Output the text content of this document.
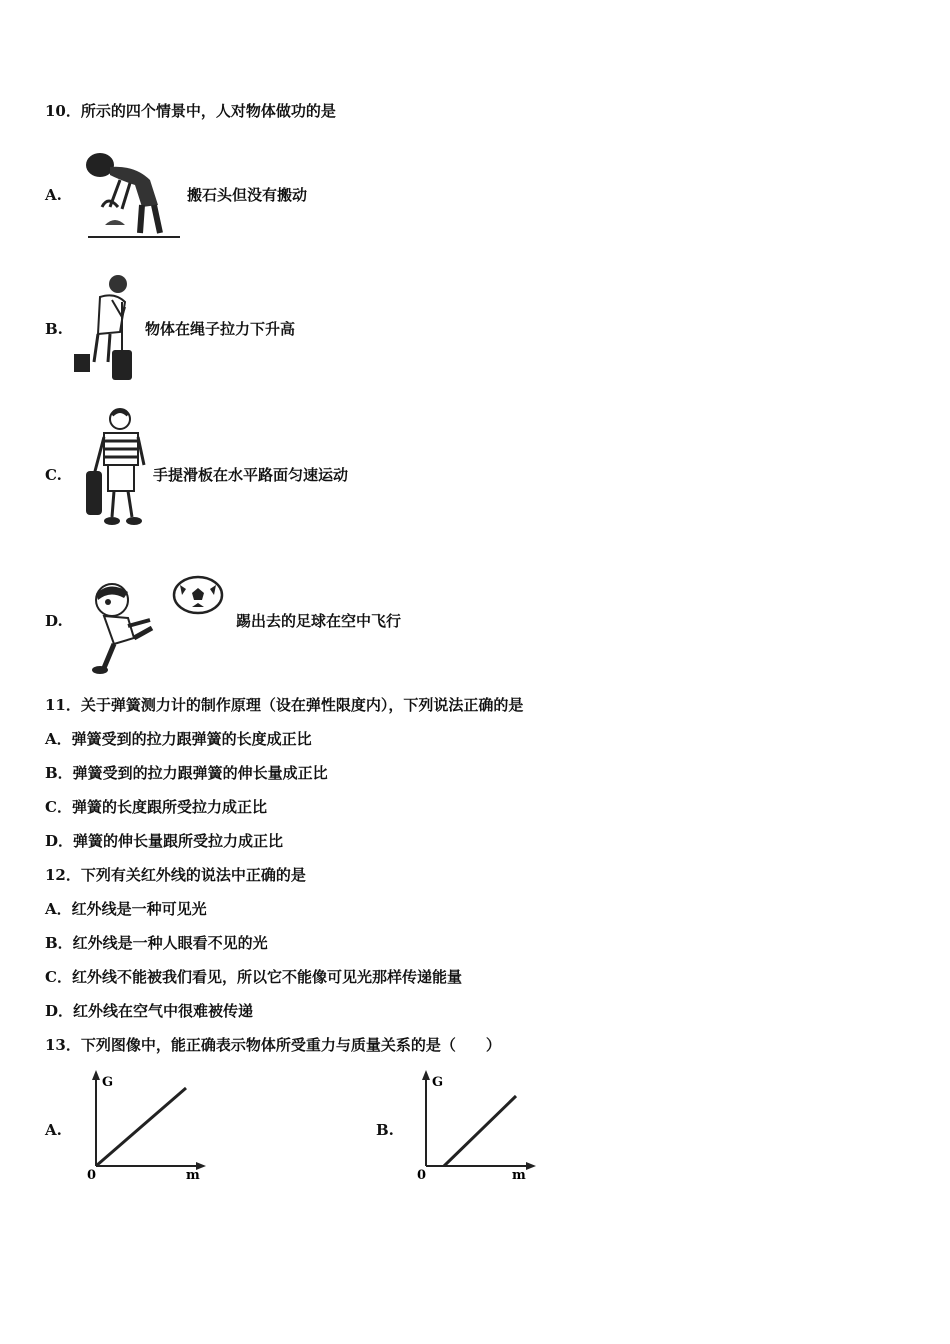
10．所示的四个情景中，人对物体做功的是
A.	搬石头但没有搬动
B.	物体在绳子拉力下升高
C.	手提滑板在水平路面匀速运动
D.	踢出去的足球在空中飞行
11．关于弹簧测力计的制作原理（设在弹性限度内），下列说法正确的是
A．弹簧受到的拉力跟弹簧的长度成正比
B．弹簧受到的拉力跟弹簧的伸长量成正比
C．弹簧的长度跟所受拉力成正比
D．弹簧的伸长量跟所受拉力成正比
12．下列有关红外线的说法中正确的是
A．红外线是一种可见光
B．红外线是一种人眼看不见的光
C．红外线不能被我们看见，所以它不能像可见光那样传递能量
D．红外线在空气中很难被传递
13．下列图像中，能正确表示物体所受重力与质量关系的是（　　）
A.
G
m
0
B.
G
m
0
